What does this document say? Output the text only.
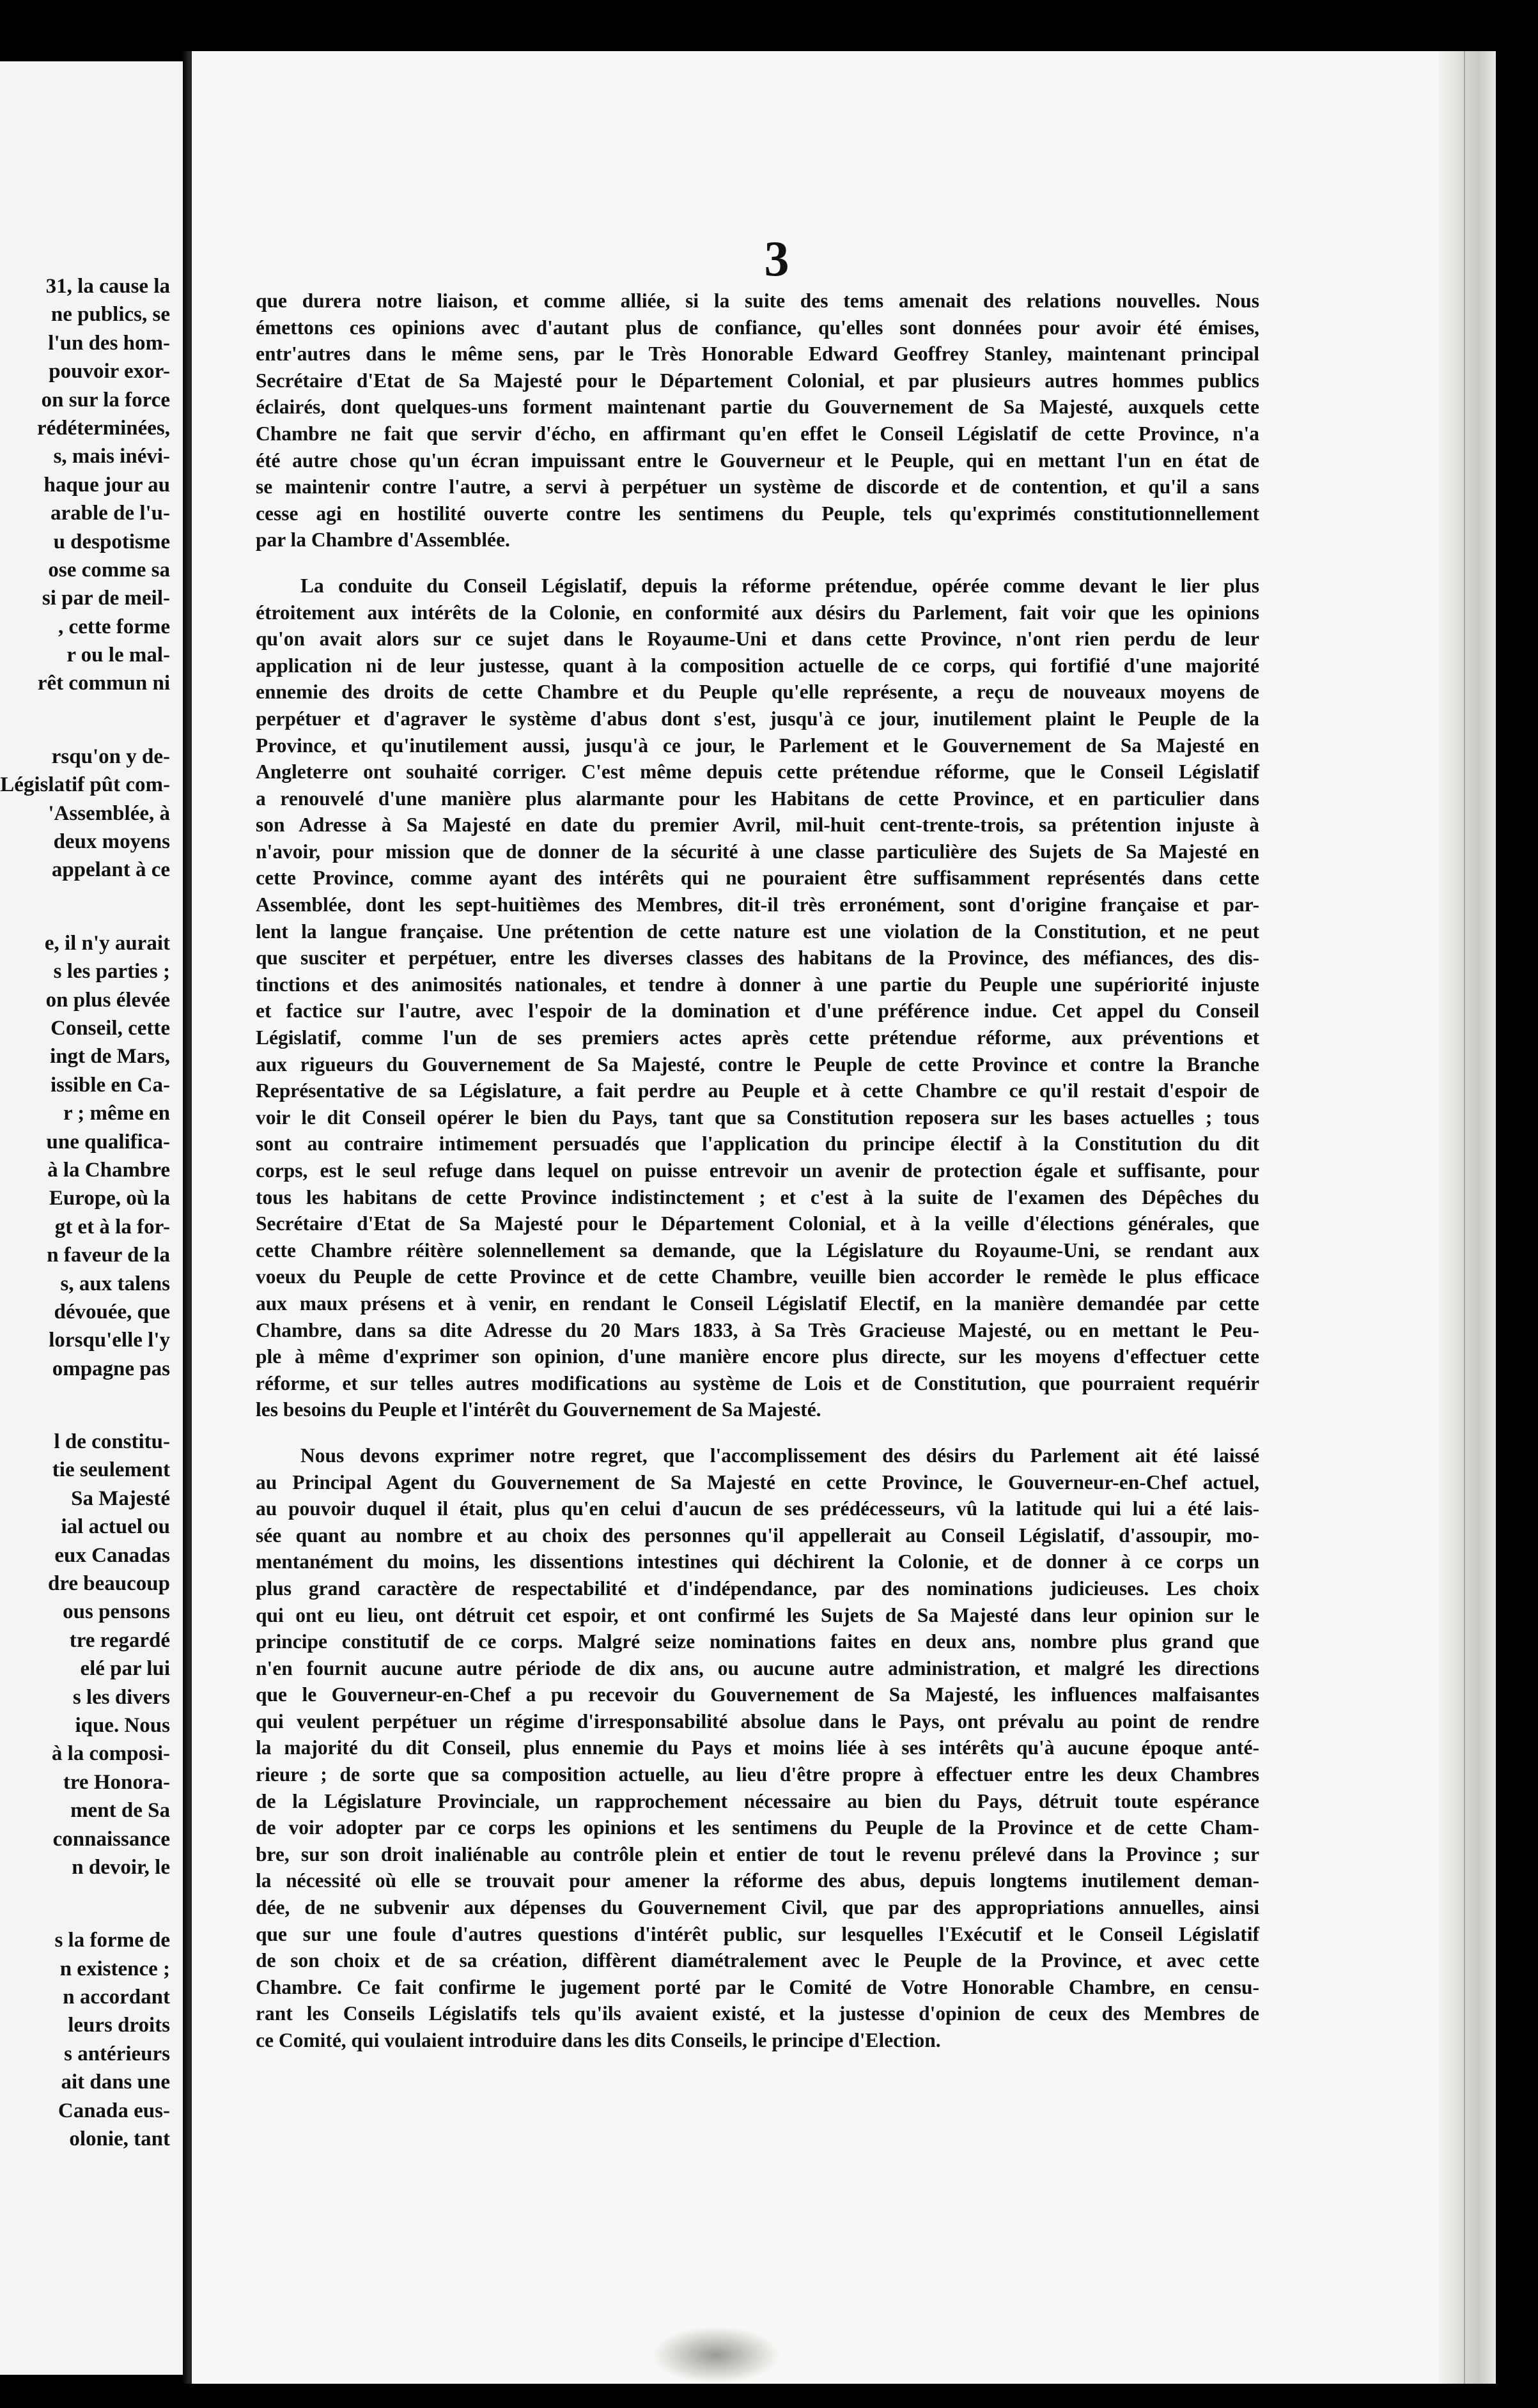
31, la cause la
ne publics, se
l'un des hom-
pouvoir exor-
on sur la force
rédéterminées,
s, mais inévi-
haque jour au
arable de l'u-
u despotisme
ose comme sa
si par de meil-
, cette forme
r ou le mal-
rêt commun ni
rsqu'on y de-
Législatif pût com-
'Assemblée, à
deux moyens
appelant à ce
e, il n'y aurait
s les parties ;
on plus élevée
Conseil, cette
ingt de Mars,
issible en Ca-
r ; même en
une qualifica-
à la Chambre
Europe, où la
gt et à la for-
n faveur de la
s, aux talens
dévouée, que
lorsqu'elle l'y
ompagne pas
l de constitu-
tie seulement
Sa Majesté
ial actuel ou
eux Canadas
dre beaucoup
ous pensons
tre regardé
elé par lui
s les divers
ique. Nous
à la composi-
tre Honora-
ment de Sa
connaissance
n devoir, le
s la forme de
n existence ;
n accordant
leurs droits
s antérieurs
ait dans une
Canada eus-
olonie, tant
3
que durera notre liaison, et comme alliée, si la suite des tems amenait des relations nouvelles. Nous
émettons ces opinions avec d'autant plus de confiance, qu'elles sont données pour avoir été émises,
entr'autres dans le même sens, par le Très Honorable Edward Geoffrey Stanley, maintenant principal
Secrétaire d'Etat de Sa Majesté pour le Département Colonial, et par plusieurs autres hommes publics
éclairés, dont quelques-uns forment maintenant partie du Gouvernement de Sa Majesté, auxquels cette
Chambre ne fait que servir d'écho, en affirmant qu'en effet le Conseil Législatif de cette Province, n'a
été autre chose qu'un écran impuissant entre le Gouverneur et le Peuple, qui en mettant l'un en état de
se maintenir contre l'autre, a servi à perpétuer un système de discorde et de contention, et qu'il a sans
cesse agi en hostilité ouverte contre les sentimens du Peuple, tels qu'exprimés constitutionnellement
par la Chambre d'Assemblée.
La conduite du Conseil Législatif, depuis la réforme prétendue, opérée comme devant le lier plus
étroitement aux intérêts de la Colonie, en conformité aux désirs du Parlement, fait voir que les opinions
qu'on avait alors sur ce sujet dans le Royaume-Uni et dans cette Province, n'ont rien perdu de leur
application ni de leur justesse, quant à la composition actuelle de ce corps, qui fortifié d'une majorité
ennemie des droits de cette Chambre et du Peuple qu'elle représente, a reçu de nouveaux moyens de
perpétuer et d'agraver le système d'abus dont s'est, jusqu'à ce jour, inutilement plaint le Peuple de la
Province, et qu'inutilement aussi, jusqu'à ce jour, le Parlement et le Gouvernement de Sa Majesté en
Angleterre ont souhaité corriger. C'est même depuis cette prétendue réforme, que le Conseil Législatif
a renouvelé d'une manière plus alarmante pour les Habitans de cette Province, et en particulier dans
son Adresse à Sa Majesté en date du premier Avril, mil-huit cent-trente-trois, sa prétention injuste à
n'avoir, pour mission que de donner de la sécurité à une classe particulière des Sujets de Sa Majesté en
cette Province, comme ayant des intérêts qui ne pouraient être suffisamment représentés dans cette
Assemblée, dont les sept-huitièmes des Membres, dit-il très erronément, sont d'origine française et par-
lent la langue française. Une prétention de cette nature est une violation de la Constitution, et ne peut
que susciter et perpétuer, entre les diverses classes des habitans de la Province, des méfiances, des dis-
tinctions et des animosités nationales, et tendre à donner à une partie du Peuple une supériorité injuste
et factice sur l'autre, avec l'espoir de la domination et d'une préférence indue. Cet appel du Conseil
Législatif, comme l'un de ses premiers actes après cette prétendue réforme, aux préventions et
aux rigueurs du Gouvernement de Sa Majesté, contre le Peuple de cette Province et contre la Branche
Représentative de sa Législature, a fait perdre au Peuple et à cette Chambre ce qu'il restait d'espoir de
voir le dit Conseil opérer le bien du Pays, tant que sa Constitution reposera sur les bases actuelles ; tous
sont au contraire intimement persuadés que l'application du principe électif à la Constitution du dit
corps, est le seul refuge dans lequel on puisse entrevoir un avenir de protection égale et suffisante, pour
tous les habitans de cette Province indistinctement ; et c'est à la suite de l'examen des Dépêches du
Secrétaire d'Etat de Sa Majesté pour le Département Colonial, et à la veille d'élections générales, que
cette Chambre réitère solennellement sa demande, que la Législature du Royaume-Uni, se rendant aux
voeux du Peuple de cette Province et de cette Chambre, veuille bien accorder le remède le plus efficace
aux maux présens et à venir, en rendant le Conseil Législatif Electif, en la manière demandée par cette
Chambre, dans sa dite Adresse du 20 Mars 1833, à Sa Très Gracieuse Majesté, ou en mettant le Peu-
ple à même d'exprimer son opinion, d'une manière encore plus directe, sur les moyens d'effectuer cette
réforme, et sur telles autres modifications au système de Lois et de Constitution, que pourraient requérir
les besoins du Peuple et l'intérêt du Gouvernement de Sa Majesté.
Nous devons exprimer notre regret, que l'accomplissement des désirs du Parlement ait été laissé
au Principal Agent du Gouvernement de Sa Majesté en cette Province, le Gouverneur-en-Chef actuel,
au pouvoir duquel il était, plus qu'en celui d'aucun de ses prédécesseurs, vû la latitude qui lui a été lais-
sée quant au nombre et au choix des personnes qu'il appellerait au Conseil Législatif, d'assoupir, mo-
mentanément du moins, les dissentions intestines qui déchirent la Colonie, et de donner à ce corps un
plus grand caractère de respectabilité et d'indépendance, par des nominations judicieuses. Les choix
qui ont eu lieu, ont détruit cet espoir, et ont confirmé les Sujets de Sa Majesté dans leur opinion sur le
principe constitutif de ce corps. Malgré seize nominations faites en deux ans, nombre plus grand que
n'en fournit aucune autre période de dix ans, ou aucune autre administration, et malgré les directions
que le Gouverneur-en-Chef a pu recevoir du Gouvernement de Sa Majesté, les influences malfaisantes
qui veulent perpétuer un régime d'irresponsabilité absolue dans le Pays, ont prévalu au point de rendre
la majorité du dit Conseil, plus ennemie du Pays et moins liée à ses intérêts qu'à aucune époque anté-
rieure ; de sorte que sa composition actuelle, au lieu d'être propre à effectuer entre les deux Chambres
de la Législature Provinciale, un rapprochement nécessaire au bien du Pays, détruit toute espérance
de voir adopter par ce corps les opinions et les sentimens du Peuple de la Province et de cette Cham-
bre, sur son droit inaliénable au contrôle plein et entier de tout le revenu prélevé dans la Province ; sur
la nécessité où elle se trouvait pour amener la réforme des abus, depuis longtems inutilement deman-
dée, de ne subvenir aux dépenses du Gouvernement Civil, que par des appropriations annuelles, ainsi
que sur une foule d'autres questions d'intérêt public, sur lesquelles l'Exécutif et le Conseil Législatif
de son choix et de sa création, diffèrent diamétralement avec le Peuple de la Province, et avec cette
Chambre. Ce fait confirme le jugement porté par le Comité de Votre Honorable Chambre, en censu-
rant les Conseils Législatifs tels qu'ils avaient existé, et la justesse d'opinion de ceux des Membres de
ce Comité, qui voulaient introduire dans les dits Conseils, le principe d'Election.
